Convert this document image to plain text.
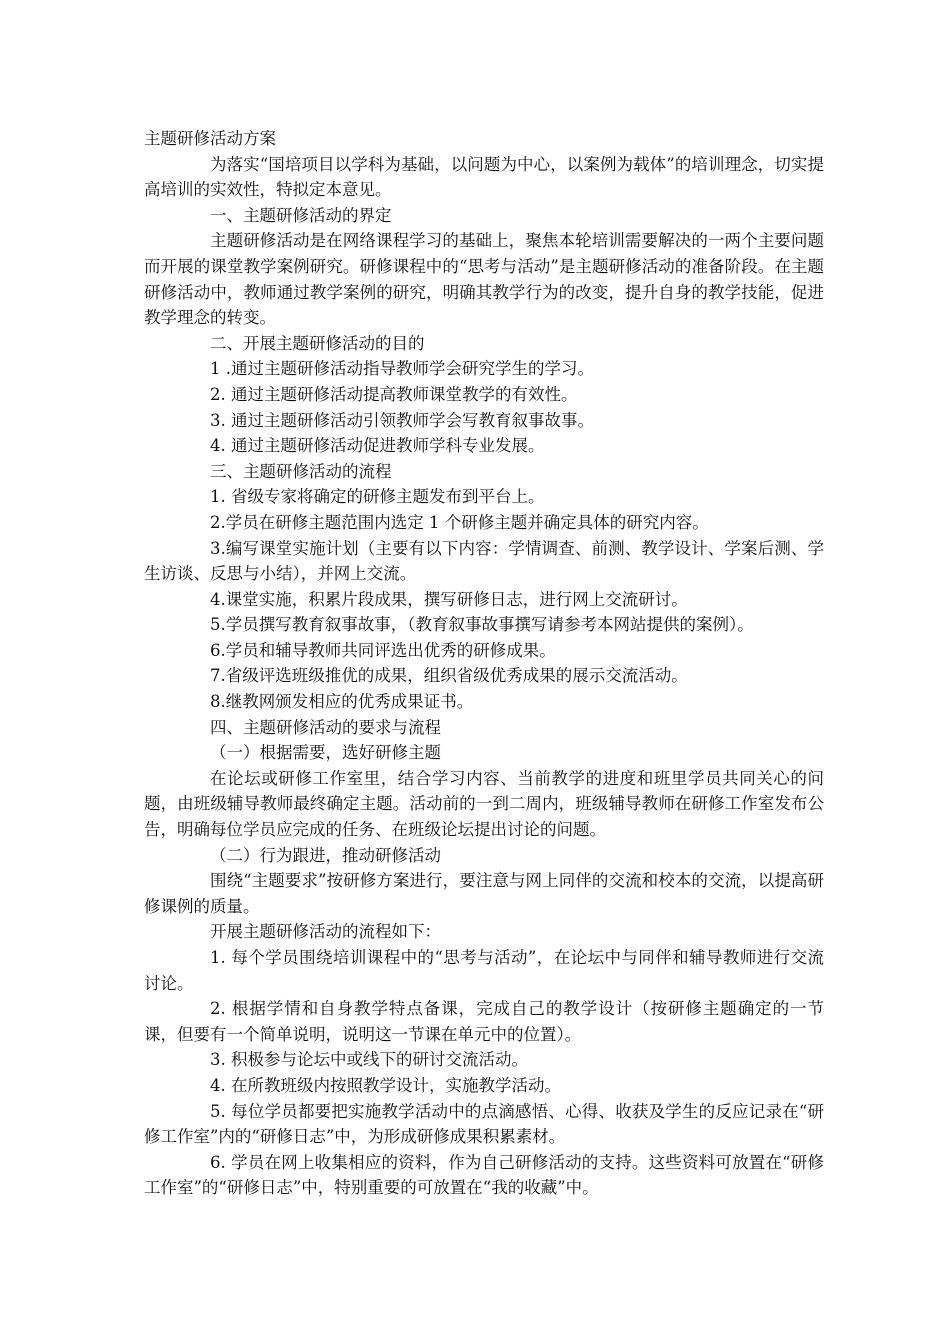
主题研修活动方案

为落实“国培项目以学科为基础，以问题为中心，以案例为载体”的培训理念，切实提高培训的实效性，特拟定本意见。

一、主题研修活动的界定

主题研修活动是在网络课程学习的基础上，聚焦本轮培训需要解决的一两个主要问题而开展的课堂教学案例研究。研修课程中的“思考与活动”是主题研修活动的准备阶段。在主题研修活动中，教师通过教学案例的研究，明确其教学行为的改变，提升自身的教学技能，促进教学理念的转变。

二、开展主题研修活动的目的

1 .通过主题研修活动指导教师学会研究学生的学习。

2. 通过主题研修活动提高教师课堂教学的有效性。

3. 通过主题研修活动引领教师学会写教育叙事故事。

4. 通过主题研修活动促进教师学科专业发展。

三、主题研修活动的流程

1. 省级专家将确定的研修主题发布到平台上。

2.学员在研修主题范围内选定 1 个研修主题并确定具体的研究内容。

3.编写课堂实施计划（主要有以下内容：学情调查、前测、教学设计、学案后测、学生访谈、反思与小结），并网上交流。

4.课堂实施，积累片段成果，撰写研修日志，进行网上交流研讨。

5.学员撰写教育叙事故事，（教育叙事故事撰写请参考本网站提供的案例）。

6.学员和辅导教师共同评选出优秀的研修成果。

7.省级评选班级推优的成果，组织省级优秀成果的展示交流活动。

8.继教网颁发相应的优秀成果证书。

四、主题研修活动的要求与流程

（一）根据需要，选好研修主题

在论坛或研修工作室里，结合学习内容、当前教学的进度和班里学员共同关心的问题，由班级辅导教师最终确定主题。活动前的一到二周内，班级辅导教师在研修工作室发布公告，明确每位学员应完成的任务、在班级论坛提出讨论的问题。

（二）行为跟进，推动研修活动

围绕“主题要求”按研修方案进行，要注意与网上同伴的交流和校本的交流，以提高研修课例的质量。

开展主题研修活动的流程如下：

1. 每个学员围绕培训课程中的“思考与活动”，在论坛中与同伴和辅导教师进行交流讨论。

2. 根据学情和自身教学特点备课，完成自己的教学设计（按研修主题确定的一节课，但要有一个简单说明，说明这一节课在单元中的位置）。

3. 积极参与论坛中或线下的研讨交流活动。

4. 在所教班级内按照教学设计，实施教学活动。

5. 每位学员都要把实施教学活动中的点滴感悟、心得、收获及学生的反应记录在“研修工作室”内的“研修日志”中，为形成研修成果积累素材。

6. 学员在网上收集相应的资料，作为自己研修活动的支持。这些资料可放置在“研修工作室”的“研修日志”中，特别重要的可放置在“我的收藏”中。
